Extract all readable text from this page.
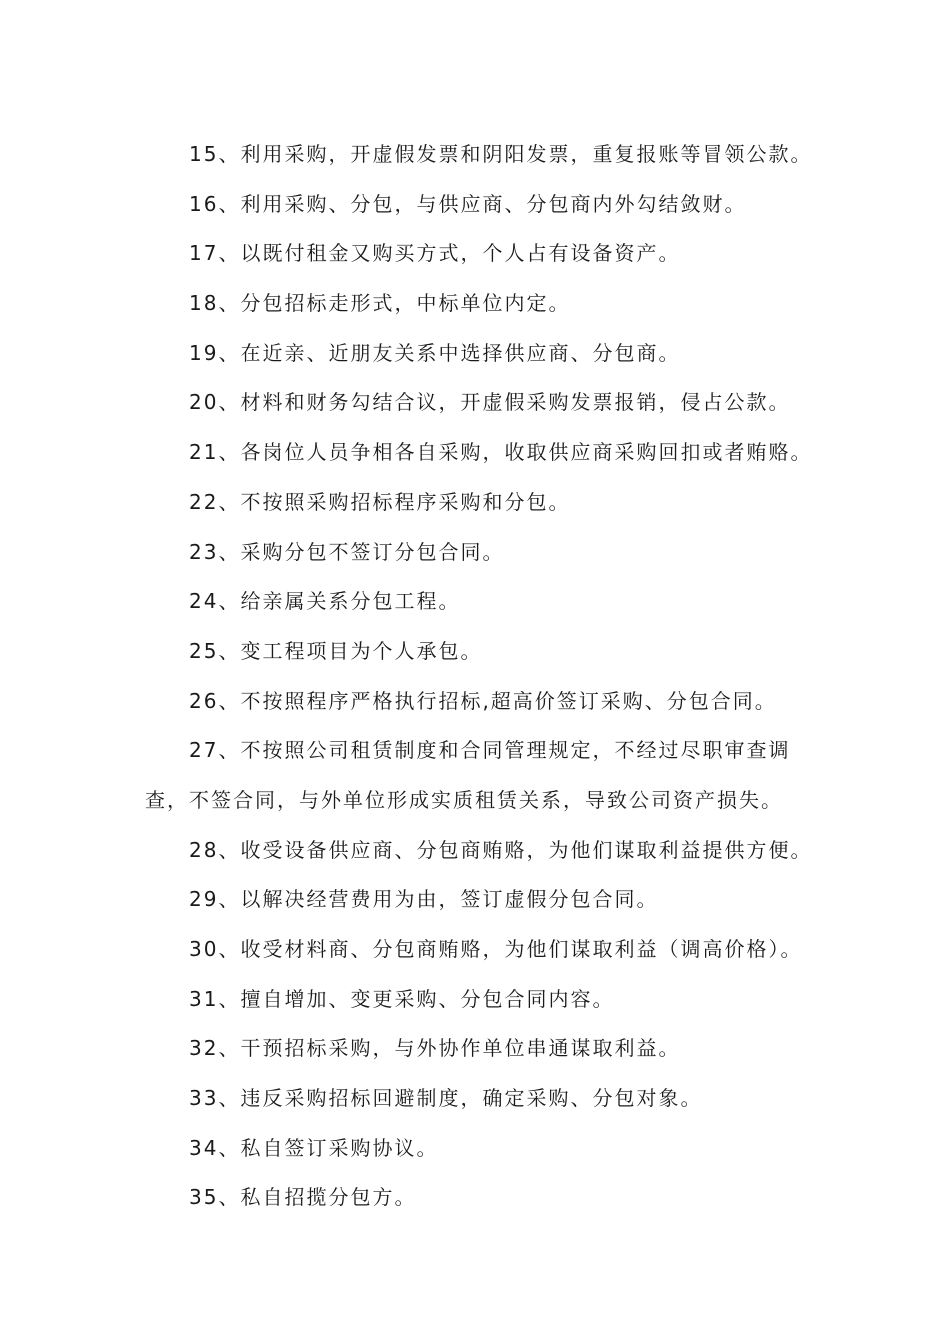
15、利用采购，开虚假发票和阴阳发票，重复报账等冒领公款。
16、利用采购、分包，与供应商、分包商内外勾结敛财。
17、以既付租金又购买方式，个人占有设备资产。
18、分包招标走形式，中标单位内定。
19、在近亲、近朋友关系中选择供应商、分包商。
20、材料和财务勾结合议，开虚假采购发票报销，侵占公款。
21、各岗位人员争相各自采购，收取供应商采购回扣或者贿赂。
22、不按照采购招标程序采购和分包。
23、采购分包不签订分包合同。
24、给亲属关系分包工程。
25、变工程项目为个人承包。
26、不按照程序严格执行招标,超高价签订采购、分包合同。
27、不按照公司租赁制度和合同管理规定，不经过尽职审查调
查，不签合同，与外单位形成实质租赁关系，导致公司资产损失。
28、收受设备供应商、分包商贿赂，为他们谋取利益提供方便。
29、以解决经营费用为由，签订虚假分包合同。
30、收受材料商、分包商贿赂，为他们谋取利益（调高价格）。
31、擅自增加、变更采购、分包合同内容。
32、干预招标采购，与外协作单位串通谋取利益。
33、违反采购招标回避制度，确定采购、分包对象。
34、私自签订采购协议。
35、私自招揽分包方。
